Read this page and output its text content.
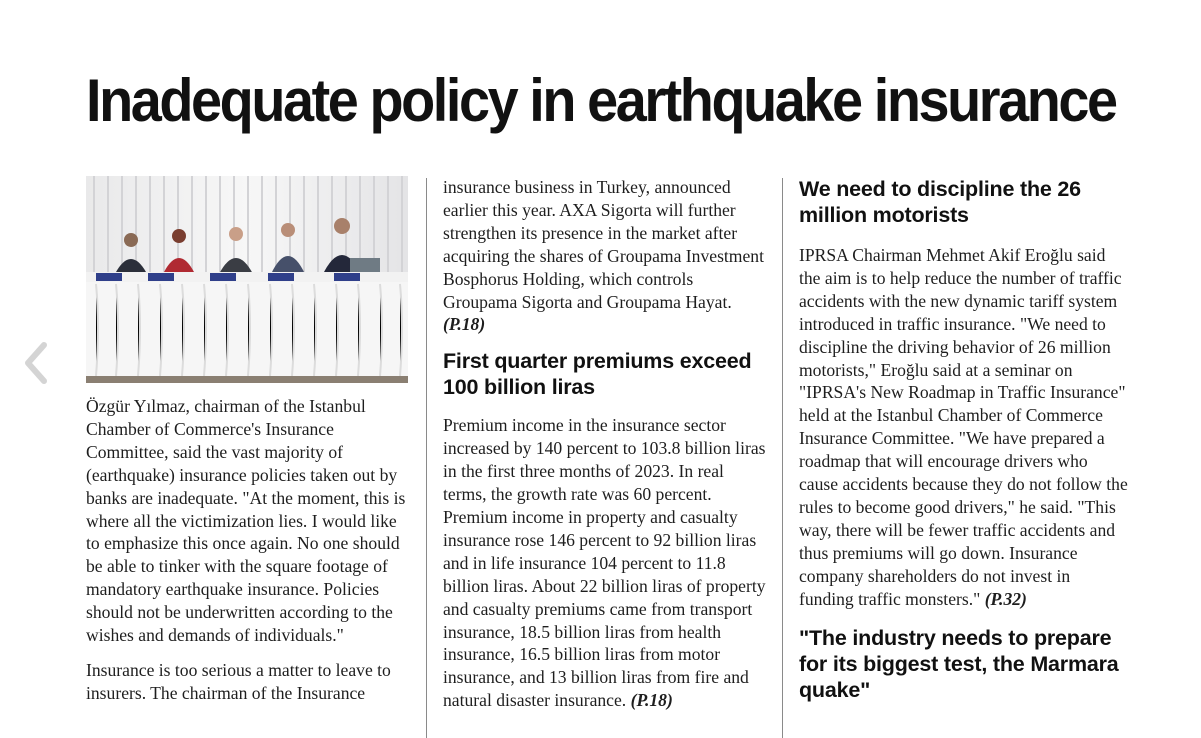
Inadequate policy in earthquake insurance

Özgür Yılmaz, chairman of the Istanbul Chamber of Commerce's Insurance Committee, said the vast majority of (earthquake) insurance policies taken out by banks are inadequate. "At the moment, this is where all the victimization lies. I would like to emphasize this once again. No one should be able to tinker with the square footage of mandatory earthquake insurance. Policies should not be underwritten according to the wishes and demands of individuals."

Insurance is too serious a matter to leave to insurers. The chairman of the Insurance

insurance business in Turkey, announced earlier this year. AXA Sigorta will further strengthen its presence in the market after acquiring the shares of Groupama Investment Bosphorus Holding, which controls Groupama Sigorta and Groupama Hayat. (P.18)

First quarter premiums exceed 100 billion liras

Premium income in the insurance sector increased by 140 percent to 103.8 billion liras in the first three months of 2023. In real terms, the growth rate was 60 percent. Premium income in property and casualty insurance rose 146 percent to 92 billion liras and in life insurance 104 percent to 11.8 billion liras. About 22 billion liras of property and casualty premiums came from transport insurance, 18.5 billion liras from health insurance, 16.5 billion liras from motor insurance, and 13 billion liras from fire and natural disaster insurance. (P.18)

We need to discipline the 26 million motorists

IPRSA Chairman Mehmet Akif Eroğlu said the aim is to help reduce the number of traffic accidents with the new dynamic tariff system introduced in traffic insurance. "We need to discipline the driving behavior of 26 million motorists," Eroğlu said at a seminar on "IPRSA's New Roadmap in Traffic Insurance" held at the Istanbul Chamber of Commerce Insurance Committee. "We have prepared a roadmap that will encourage drivers who cause accidents because they do not follow the rules to become good drivers," he said. "This way, there will be fewer traffic accidents and thus premiums will go down. Insurance company shareholders do not invest in funding traffic monsters." (P.32)

"The industry needs to prepare for its biggest test, the Marmara quake"
